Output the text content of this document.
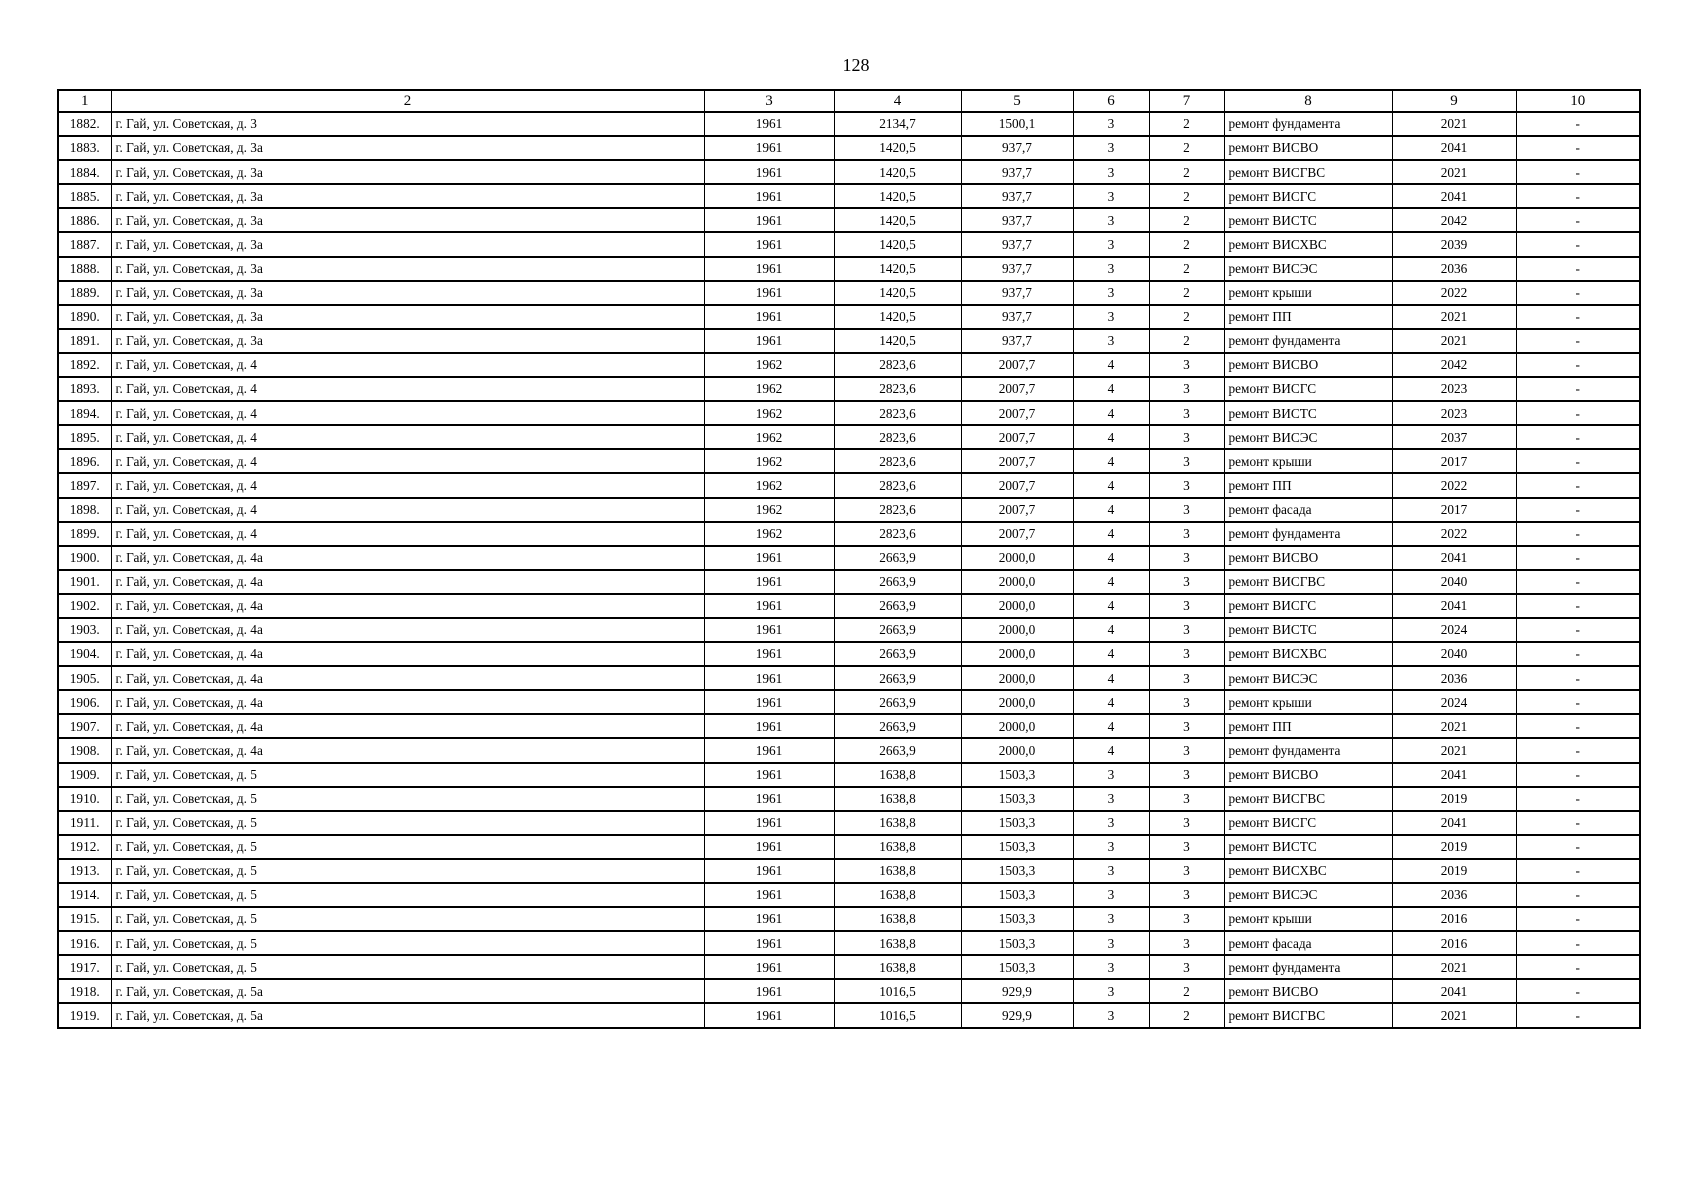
128
1	2	3	4	5	6	7	8	9	10
1882.	г. Гай, ул. Советская, д. 3	1961	2134,7	1500,1	3	2	ремонт фундамента	2021	-
1883.	г. Гай, ул. Советская, д. 3а	1961	1420,5	937,7	3	2	ремонт ВИСВО	2041	-
1884.	г. Гай, ул. Советская, д. 3а	1961	1420,5	937,7	3	2	ремонт ВИСГВС	2021	-
1885.	г. Гай, ул. Советская, д. 3а	1961	1420,5	937,7	3	2	ремонт ВИСГС	2041	-
1886.	г. Гай, ул. Советская, д. 3а	1961	1420,5	937,7	3	2	ремонт ВИСТС	2042	-
1887.	г. Гай, ул. Советская, д. 3а	1961	1420,5	937,7	3	2	ремонт ВИСХВС	2039	-
1888.	г. Гай, ул. Советская, д. 3а	1961	1420,5	937,7	3	2	ремонт ВИСЭС	2036	-
1889.	г. Гай, ул. Советская, д. 3а	1961	1420,5	937,7	3	2	ремонт крыши	2022	-
1890.	г. Гай, ул. Советская, д. 3а	1961	1420,5	937,7	3	2	ремонт ПП	2021	-
1891.	г. Гай, ул. Советская, д. 3а	1961	1420,5	937,7	3	2	ремонт фундамента	2021	-
1892.	г. Гай, ул. Советская, д. 4	1962	2823,6	2007,7	4	3	ремонт ВИСВО	2042	-
1893.	г. Гай, ул. Советская, д. 4	1962	2823,6	2007,7	4	3	ремонт ВИСГС	2023	-
1894.	г. Гай, ул. Советская, д. 4	1962	2823,6	2007,7	4	3	ремонт ВИСТС	2023	-
1895.	г. Гай, ул. Советская, д. 4	1962	2823,6	2007,7	4	3	ремонт ВИСЭС	2037	-
1896.	г. Гай, ул. Советская, д. 4	1962	2823,6	2007,7	4	3	ремонт крыши	2017	-
1897.	г. Гай, ул. Советская, д. 4	1962	2823,6	2007,7	4	3	ремонт ПП	2022	-
1898.	г. Гай, ул. Советская, д. 4	1962	2823,6	2007,7	4	3	ремонт фасада	2017	-
1899.	г. Гай, ул. Советская, д. 4	1962	2823,6	2007,7	4	3	ремонт фундамента	2022	-
1900.	г. Гай, ул. Советская, д. 4а	1961	2663,9	2000,0	4	3	ремонт ВИСВО	2041	-
1901.	г. Гай, ул. Советская, д. 4а	1961	2663,9	2000,0	4	3	ремонт ВИСГВС	2040	-
1902.	г. Гай, ул. Советская, д. 4а	1961	2663,9	2000,0	4	3	ремонт ВИСГС	2041	-
1903.	г. Гай, ул. Советская, д. 4а	1961	2663,9	2000,0	4	3	ремонт ВИСТС	2024	-
1904.	г. Гай, ул. Советская, д. 4а	1961	2663,9	2000,0	4	3	ремонт ВИСХВС	2040	-
1905.	г. Гай, ул. Советская, д. 4а	1961	2663,9	2000,0	4	3	ремонт ВИСЭС	2036	-
1906.	г. Гай, ул. Советская, д. 4а	1961	2663,9	2000,0	4	3	ремонт крыши	2024	-
1907.	г. Гай, ул. Советская, д. 4а	1961	2663,9	2000,0	4	3	ремонт ПП	2021	-
1908.	г. Гай, ул. Советская, д. 4а	1961	2663,9	2000,0	4	3	ремонт фундамента	2021	-
1909.	г. Гай, ул. Советская, д. 5	1961	1638,8	1503,3	3	3	ремонт ВИСВО	2041	-
1910.	г. Гай, ул. Советская, д. 5	1961	1638,8	1503,3	3	3	ремонт ВИСГВС	2019	-
1911.	г. Гай, ул. Советская, д. 5	1961	1638,8	1503,3	3	3	ремонт ВИСГС	2041	-
1912.	г. Гай, ул. Советская, д. 5	1961	1638,8	1503,3	3	3	ремонт ВИСТС	2019	-
1913.	г. Гай, ул. Советская, д. 5	1961	1638,8	1503,3	3	3	ремонт ВИСХВС	2019	-
1914.	г. Гай, ул. Советская, д. 5	1961	1638,8	1503,3	3	3	ремонт ВИСЭС	2036	-
1915.	г. Гай, ул. Советская, д. 5	1961	1638,8	1503,3	3	3	ремонт крыши	2016	-
1916.	г. Гай, ул. Советская, д. 5	1961	1638,8	1503,3	3	3	ремонт фасада	2016	-
1917.	г. Гай, ул. Советская, д. 5	1961	1638,8	1503,3	3	3	ремонт фундамента	2021	-
1918.	г. Гай, ул. Советская, д. 5а	1961	1016,5	929,9	3	2	ремонт ВИСВО	2041	-
1919.	г. Гай, ул. Советская, д. 5а	1961	1016,5	929,9	3	2	ремонт ВИСГВС	2021	-
